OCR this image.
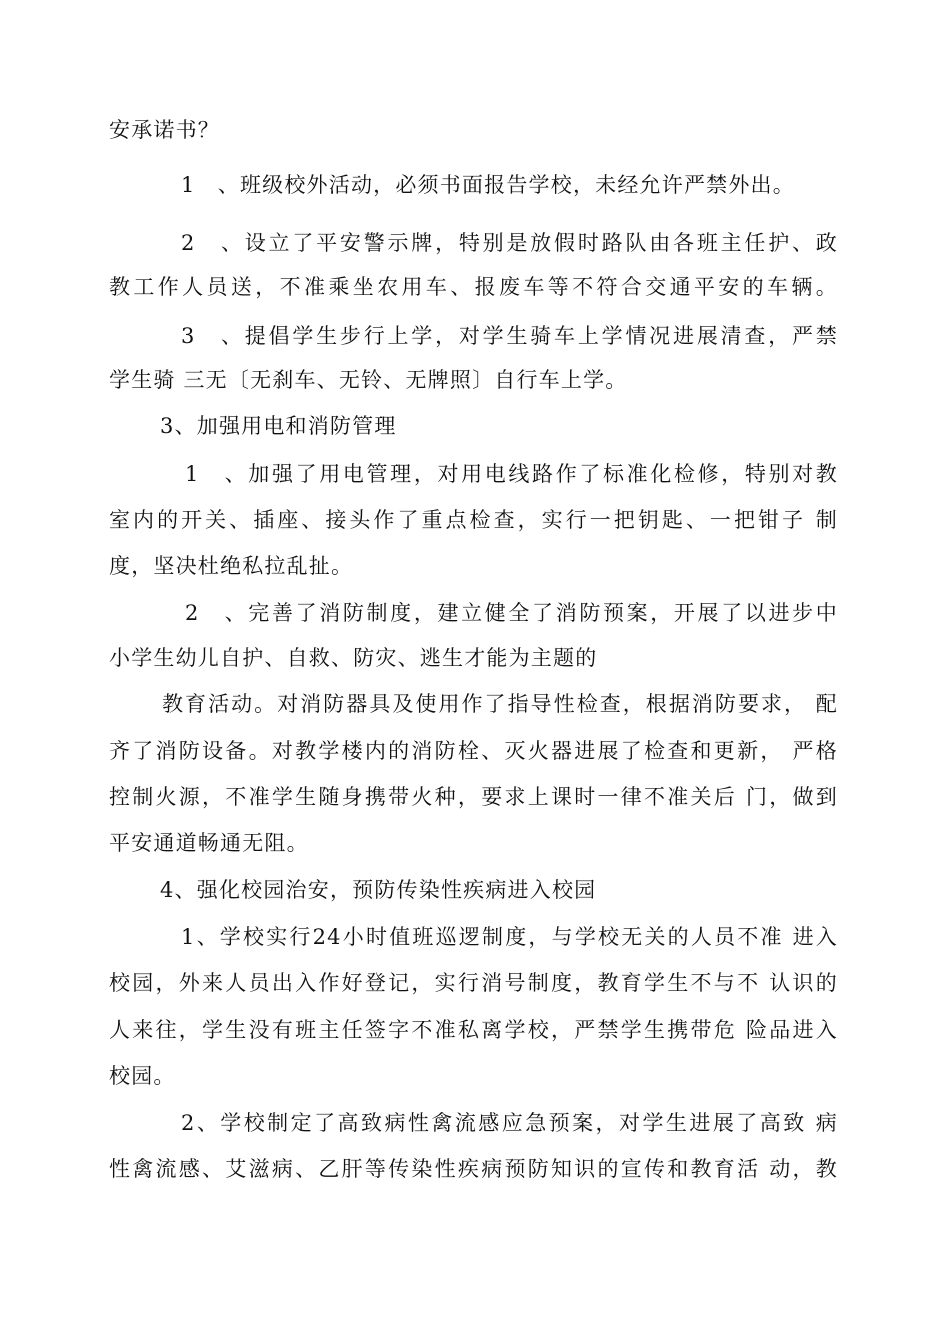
安承诺书？
1　、班级校外活动，必须书面报告学校，未经允许严禁外出。
2　、设立了平安警示牌，特别是放假时路队由各班主任护、政
教工作人员送，不准乘坐农用车、报废车等不符合交通平安的车辆。
3　、提倡学生步行上学，对学生骑车上学情况进展清查，严禁
学生骑 三无〔无刹车、无铃、无牌照〕自行车上学。
3、加强用电和消防管理
1　、加强了用电管理，对用电线路作了标准化检修，特别对教
室内的开关、插座、接头作了重点检查，实行一把钥匙、一把钳子 制
度，坚决杜绝私拉乱扯。
2　、完善了消防制度，建立健全了消防预案，开展了以进步中
小学生幼儿自护、自救、防灾、逃生才能为主题的
教育活动。对消防器具及使用作了指导性检查，根据消防要求， 配
齐了消防设备。对教学楼内的消防栓、灭火器进展了检查和更新， 严格
控制火源，不准学生随身携带火种，要求上课时一律不准关后 门，做到
平安通道畅通无阻。
4、强化校园治安，预防传染性疾病进入校园
1、学校实行24小时值班巡逻制度，与学校无关的人员不准 进入
校园，外来人员出入作好登记，实行消号制度，教育学生不与不 认识的
人来往，学生没有班主任签字不准私离学校，严禁学生携带危 险品进入
校园。
2、学校制定了高致病性禽流感应急预案，对学生进展了高致 病
性禽流感、艾滋病、乙肝等传染性疾病预防知识的宣传和教育活 动，教
